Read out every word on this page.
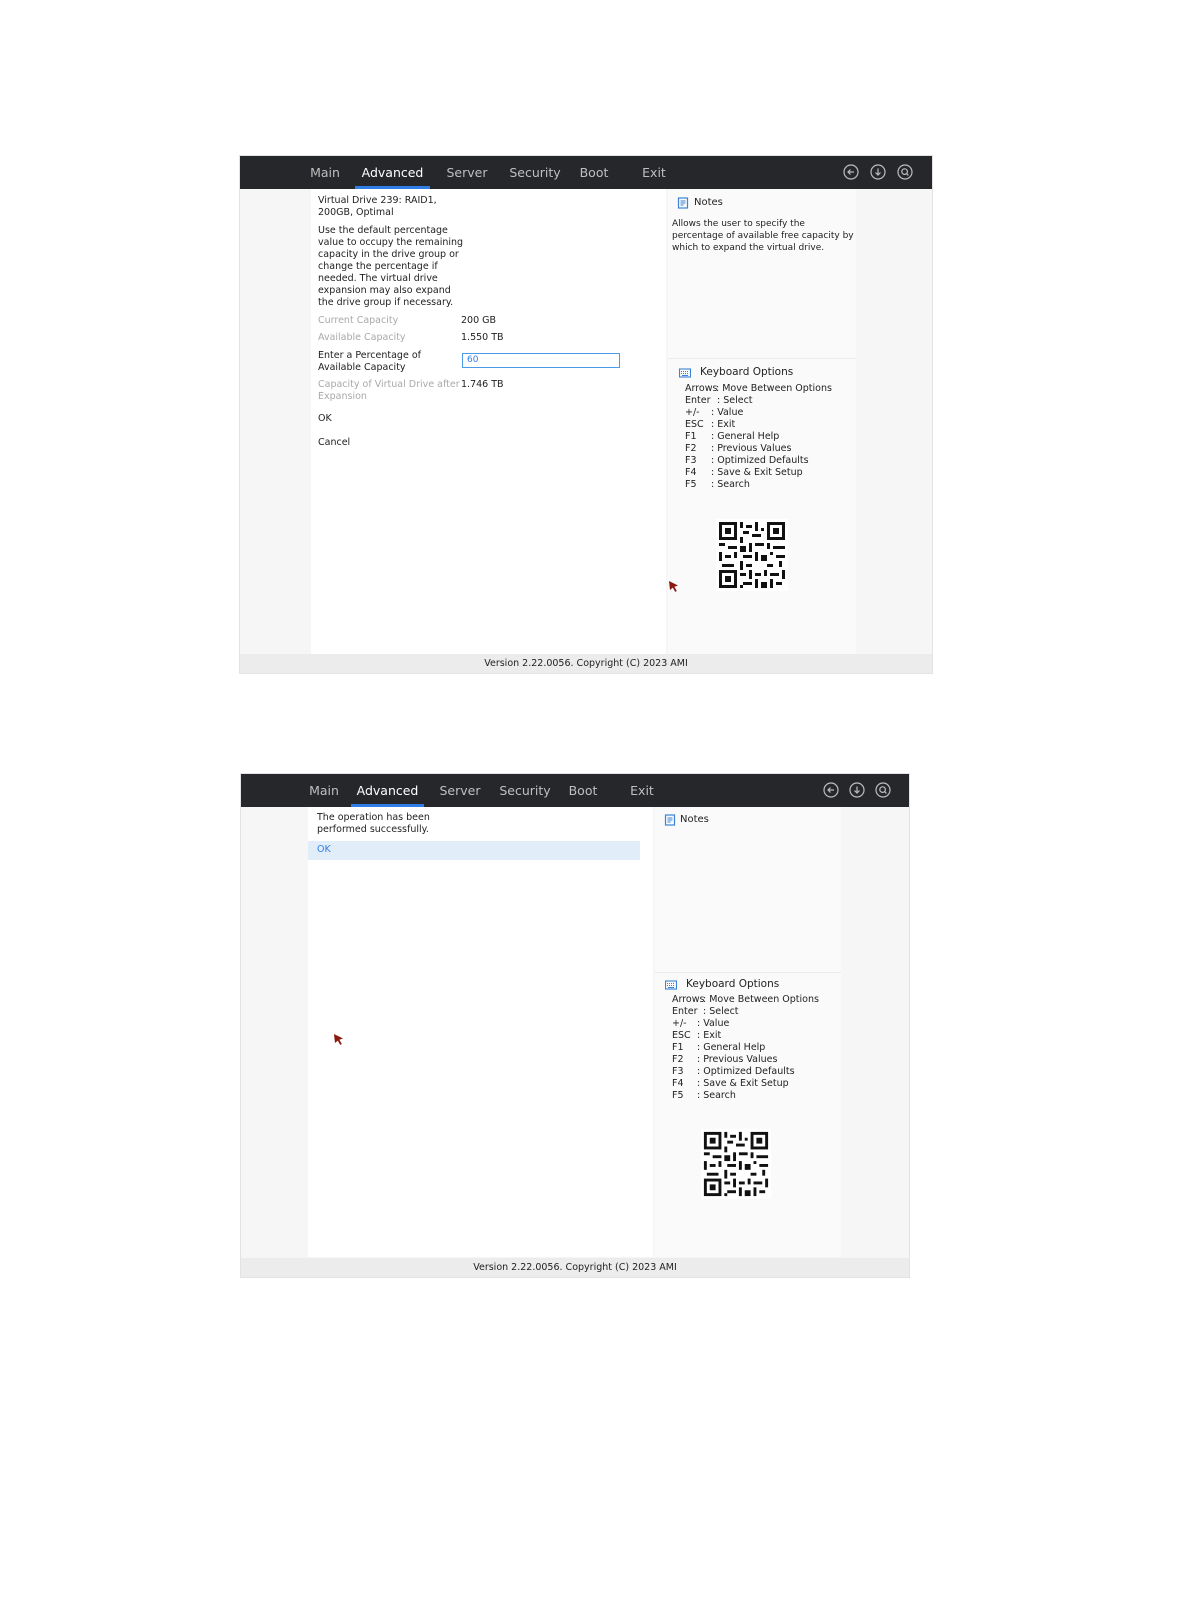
Main	Advanced	Server	Security	Boot	Exit
Virtual Drive 239: RAID1,
200GB, Optimal
Use the default percentage
value to occupy the remaining
capacity in the drive group or
change the percentage if
needed. The virtual drive
expansion may also expand
the drive group if necessary.
Current Capacity	200 GB
Available Capacity	1.550 TB
Enter a Percentage of
Available Capacity
60
Capacity of Virtual Drive after
Expansion
1.746 TB
OK
Cancel
Notes
Allows the user to specify the
percentage of available free capacity by
which to expand the virtual drive.
Keyboard Options
Arrows
: Move Between Options
Enter : Select
+/- : Value
ESC : Exit
F1 : General Help
F2 : Previous Values
F3 : Optimized Defaults
F4 : Save & Exit Setup
F5 : Search
Version 2.22.0056. Copyright (C) 2023 AMI
Main	Advanced	Server	Security Boot	Exit
The operation has been
performed successfully.
OK
Notes
Keyboard Options
Arrows
: Move Between Options
Enter : Select
+/- : Value
ESC : Exit
F1 : General Help
F2 : Previous Values
F3 : Optimized Defaults
F4 : Save & Exit Setup
F5 : Search
Version 2.22.0056. Copyright (C) 2023 AMI
